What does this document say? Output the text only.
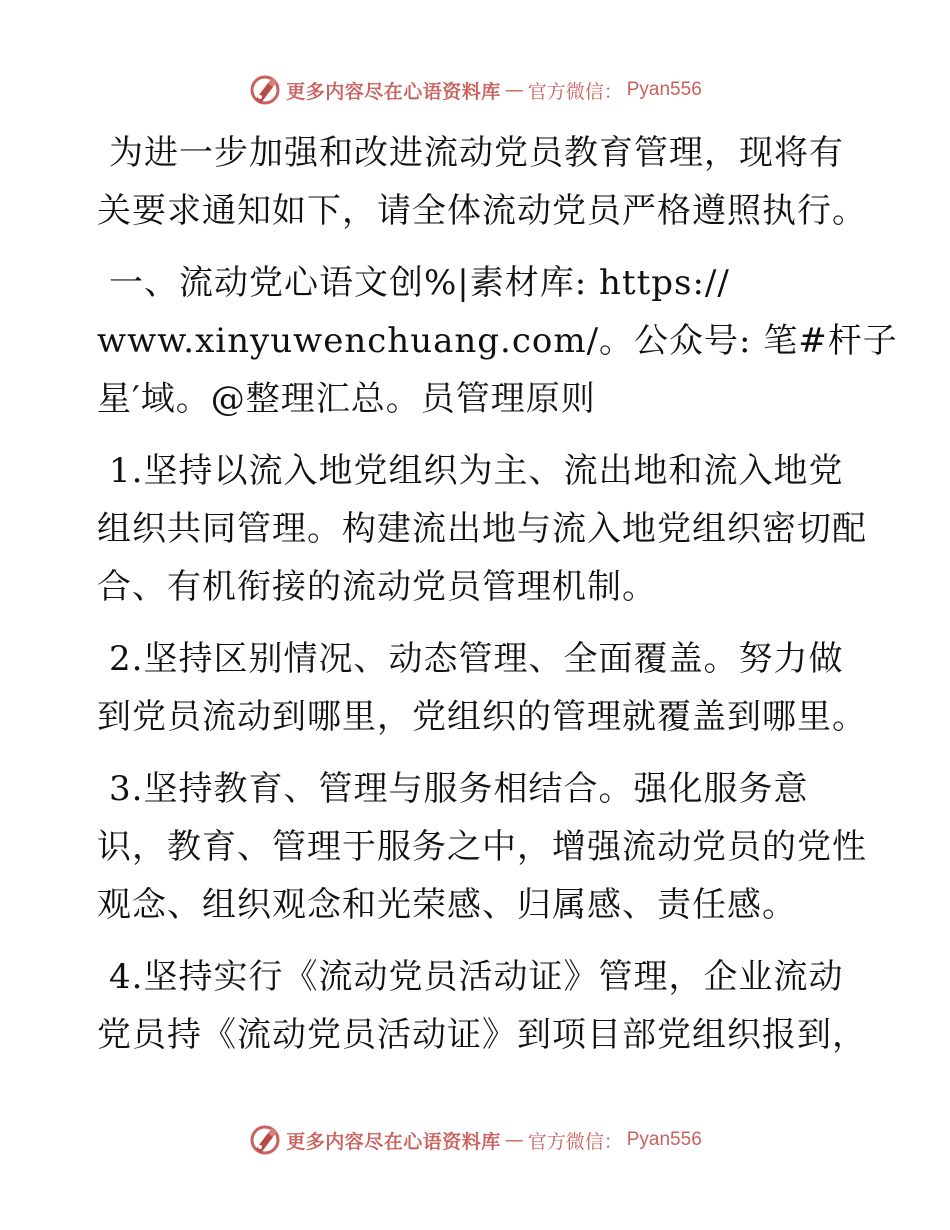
更多内容尽在心语资料库 — 官方微信： Pyan556

为进一步加强和改进流动党员教育管理，现将有
关要求通知如下，请全体流动党员严格遵照执行。

一、流动党心语文创%|素材库: https://
www.xinyuwenchuang.com/。公众号: 笔#杆子
星′域。@整理汇总。员管理原则

1.坚持以流入地党组织为主、流出地和流入地党
组织共同管理。构建流出地与流入地党组织密切配
合、有机衔接的流动党员管理机制。

2.坚持区别情况、动态管理、全面覆盖。努力做
到党员流动到哪里，党组织的管理就覆盖到哪里。

3.坚持教育、管理与服务相结合。强化服务意
识，教育、管理于服务之中，增强流动党员的党性
观念、组织观念和光荣感、归属感、责任感。

4.坚持实行《流动党员活动证》管理，企业流动
党员持《流动党员活动证》到项目部党组织报到，

更多内容尽在心语资料库 — 官方微信： Pyan556
